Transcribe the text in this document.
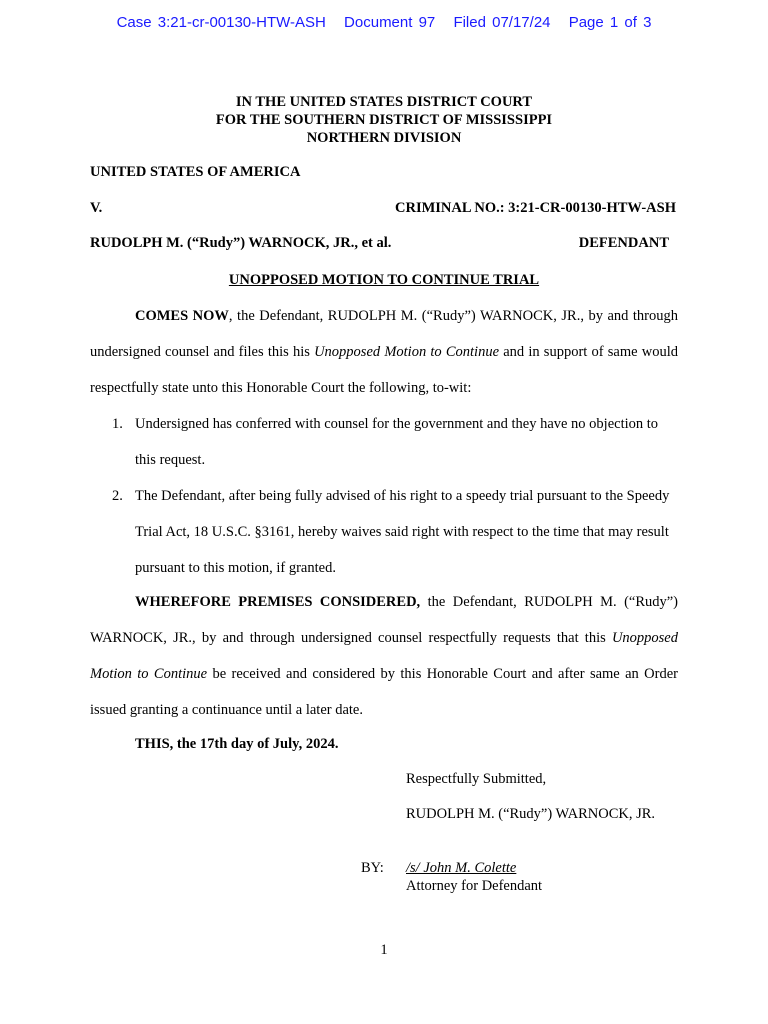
Case 3:21-cr-00130-HTW-ASH Document 97 Filed 07/17/24 Page 1 of 3
IN THE UNITED STATES DISTRICT COURT
FOR THE SOUTHERN DISTRICT OF MISSISSIPPI
NORTHERN DIVISION
UNITED STATES OF AMERICA
V.	CRIMINAL NO.: 3:21-CR-00130-HTW-ASH
RUDOLPH M. (“Rudy”) WARNOCK, JR., et al.	DEFENDANT
UNOPPOSED MOTION TO CONTINUE TRIAL
COMES NOW, the Defendant, RUDOLPH M. (“Rudy”) WARNOCK, JR., by and through undersigned counsel and files this his Unopposed Motion to Continue and in support of same would respectfully state unto this Honorable Court the following, to-wit:
1. Undersigned has conferred with counsel for the government and they have no objection to this request.
2. The Defendant, after being fully advised of his right to a speedy trial pursuant to the Speedy Trial Act, 18 U.S.C. §3161, hereby waives said right with respect to the time that may result pursuant to this motion, if granted.
WHEREFORE PREMISES CONSIDERED, the Defendant, RUDOLPH M. (“Rudy”) WARNOCK, JR., by and through undersigned counsel respectfully requests that this Unopposed Motion to Continue be received and considered by this Honorable Court and after same an Order issued granting a continuance until a later date.
THIS, the 17th day of July, 2024.
Respectfully Submitted,
RUDOLPH M. (“Rudy”) WARNOCK, JR.
BY: /s/ John M. Colette
Attorney for Defendant
1
